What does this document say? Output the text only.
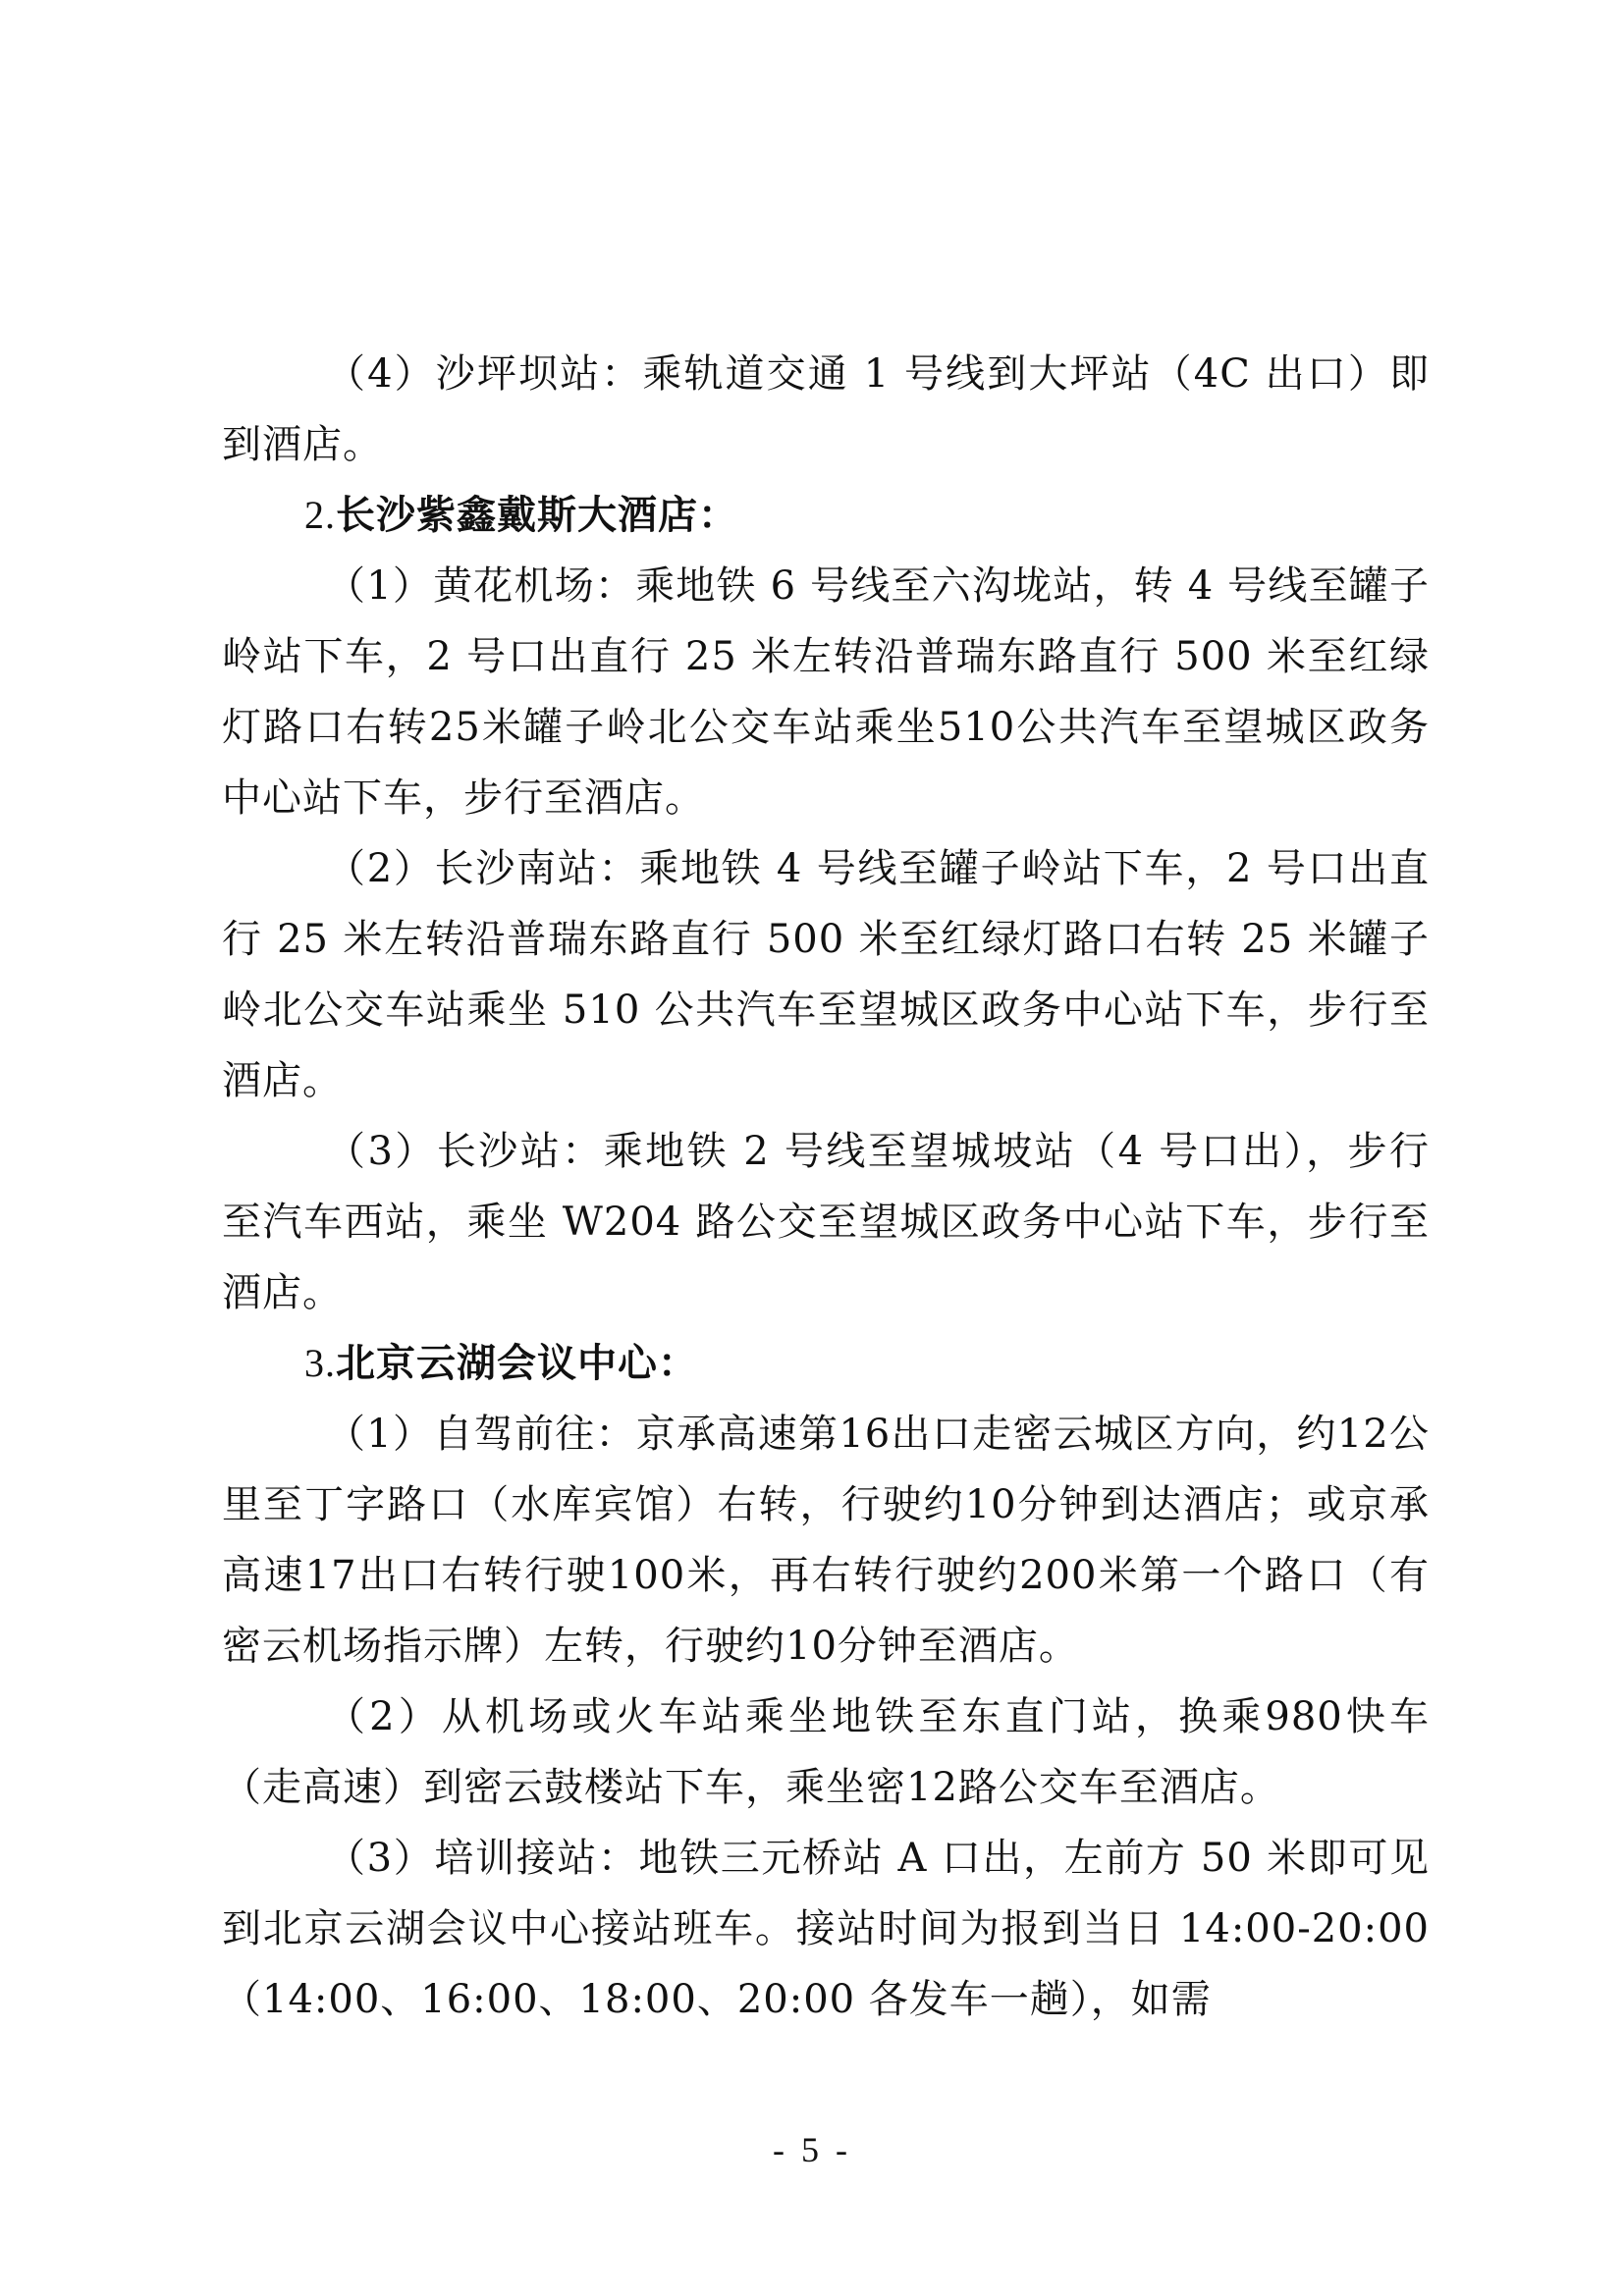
（4）沙坪坝站：乘轨道交通 1 号线到大坪站（4C 出口）即到酒店。

2.长沙紫鑫戴斯大酒店：

（1）黄花机场：乘地铁 6 号线至六沟垅站，转 4 号线至罐子岭站下车，2 号口出直行 25 米左转沿普瑞东路直行 500 米至红绿灯路口右转25米罐子岭北公交车站乘坐510公共汽车至望城区政务中心站下车，步行至酒店。

（2）长沙南站：乘地铁 4 号线至罐子岭站下车，2 号口出直行 25 米左转沿普瑞东路直行 500 米至红绿灯路口右转 25 米罐子岭北公交车站乘坐 510 公共汽车至望城区政务中心站下车，步行至酒店。

（3）长沙站：乘地铁 2 号线至望城坡站（4 号口出），步行至汽车西站，乘坐 W204 路公交至望城区政务中心站下车，步行至酒店。

3.北京云湖会议中心：

（1）自驾前往：京承高速第16出口走密云城区方向，约12公里至丁字路口（水库宾馆）右转，行驶约10分钟到达酒店；或京承高速17出口右转行驶100米，再右转行驶约200米第一个路口（有密云机场指示牌）左转，行驶约10分钟至酒店。

（2）从机场或火车站乘坐地铁至东直门站，换乘980快车（走高速）到密云鼓楼站下车，乘坐密12路公交车至酒店。

（3）培训接站：地铁三元桥站 A 口出，左前方 50 米即可见到北京云湖会议中心接站班车。接站时间为报到当日 14:00-20:00（14:00、16:00、18:00、20:00 各发车一趟），如需

- 5 -
